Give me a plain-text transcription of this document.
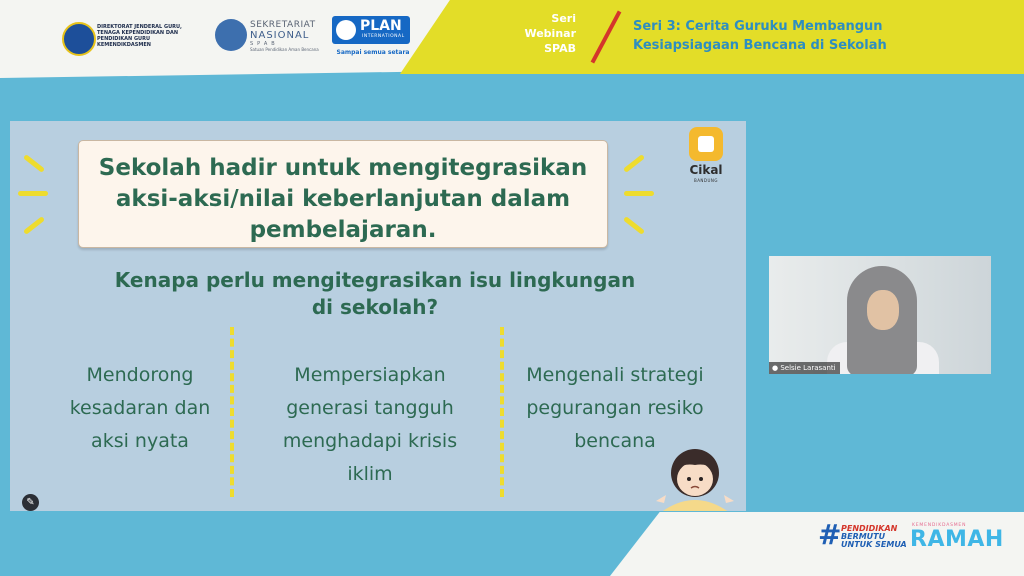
DIREKTORAT JENDERAL GURU,
TENAGA KEPENDIDIKAN DAN
PENDIDIKAN GURU
KEMENDIKDASMEN
SEKRETARIAT
NASIONAL
SPAB
Satuan Pendidikan Aman Bencana
PLAN
INTERNATIONAL
Sampai semua setara
Seri
Webinar
SPAB
Seri 3: Cerita Guruku Membangun
Kesiapsiagaan Bencana di Sekolah
Sekolah hadir untuk mengitegrasikan
aksi-aksi/nilai keberlanjutan dalam
pembelajaran.
Kenapa perlu mengitegrasikan isu lingkungan
di sekolah?
Mendorong
kesadaran dan
aksi nyata
Mempersiapkan
generasi tangguh
menghadapi krisis
iklim
Mengenali strategi
pegurangan resiko
bencana
Cikal
BANDUNG
✎
● Selsie Larasanti
# PENDIDIKAN
BERMUTU
UNTUK SEMUA
KEMENDIKDASMEN
RAMAH
